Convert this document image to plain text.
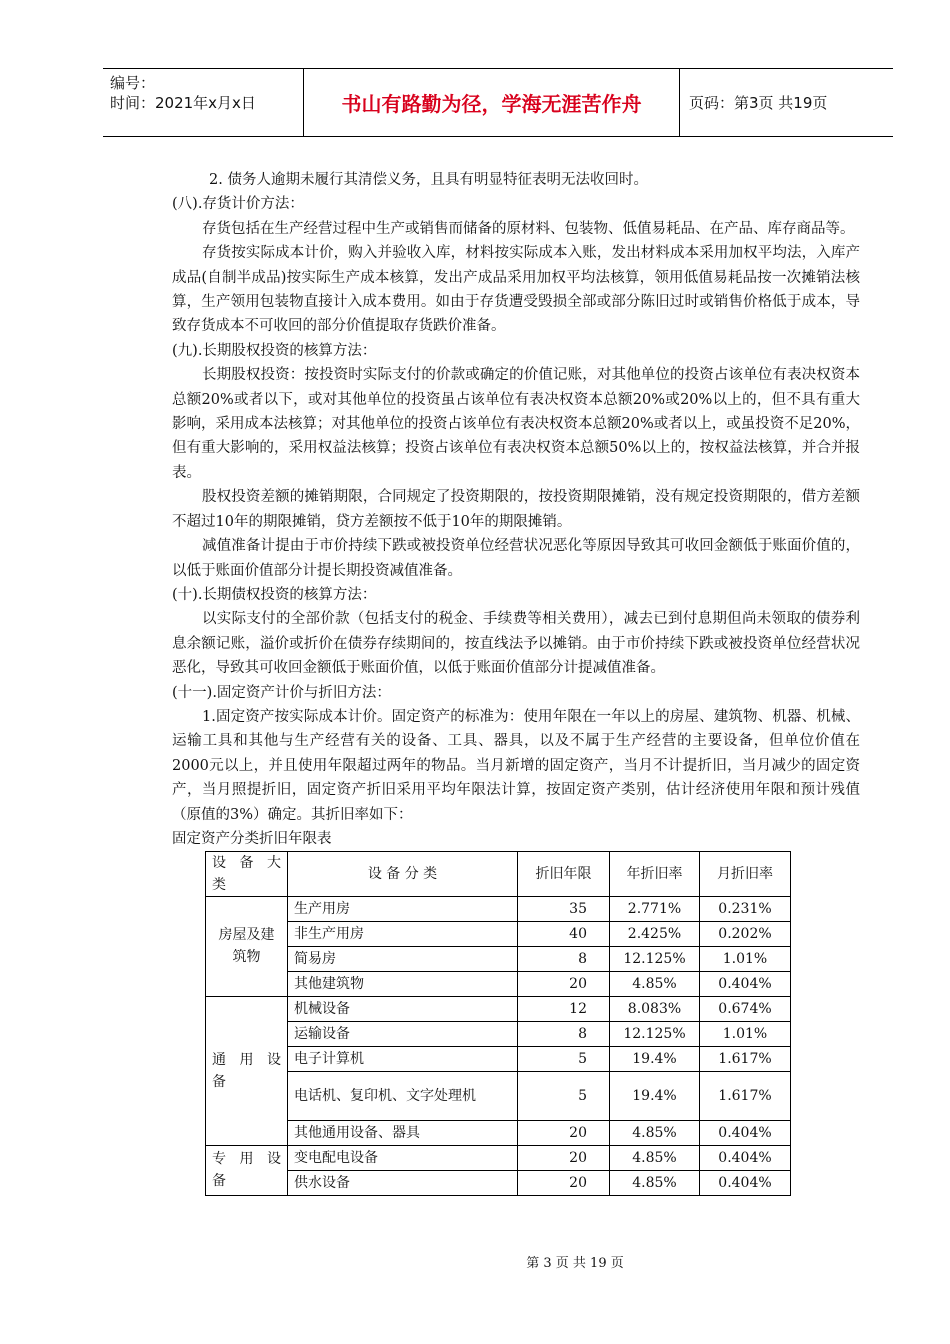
编号：
时间：2021年x月x日	书山有路勤为径，学海无涯苦作舟	页码：第3页 共19页

2. 债务人逾期未履行其清偿义务，且具有明显特征表明无法收回时。

(八).存货计价方法：

存货包括在生产经营过程中生产或销售而储备的原材料、包装物、低值易耗品、在产品、库存商品等。

存货按实际成本计价，购入并验收入库，材料按实际成本入账，发出材料成本采用加权平均法，入库产成品(自制半成品)按实际生产成本核算，发出产成品采用加权平均法核算，领用低值易耗品按一次摊销法核算，生产领用包装物直接计入成本费用。如由于存货遭受毁损全部或部分陈旧过时或销售价格低于成本，导致存货成本不可收回的部分价值提取存货跌价准备。

(九).长期股权投资的核算方法：

长期股权投资：按投资时实际支付的价款或确定的价值记账，对其他单位的投资占该单位有表决权资本总额20%或者以下，或对其他单位的投资虽占该单位有表决权资本总额20%或20%以上的，但不具有重大影响，采用成本法核算；对其他单位的投资占该单位有表决权资本总额20%或者以上，或虽投资不足20%，但有重大影响的，采用权益法核算；投资占该单位有表决权资本总额50%以上的，按权益法核算，并合并报表。

股权投资差额的摊销期限，合同规定了投资期限的，按投资期限摊销，没有规定投资期限的，借方差额不超过10年的期限摊销，贷方差额按不低于10年的期限摊销。

减值准备计提由于市价持续下跌或被投资单位经营状况恶化等原因导致其可收回金额低于账面价值的，以低于账面价值部分计提长期投资减值准备。

(十).长期债权投资的核算方法：

以实际支付的全部价款（包括支付的税金、手续费等相关费用），减去已到付息期但尚未领取的债券利息余额记账，溢价或折价在债券存续期间的，按直线法予以摊销。由于市价持续下跌或被投资单位经营状况恶化，导致其可收回金额低于账面价值，以低于账面价值部分计提减值准备。

(十一).固定资产计价与折旧方法：

1.固定资产按实际成本计价。固定资产的标准为：使用年限在一年以上的房屋、建筑物、机器、机械、运输工具和其他与生产经营有关的设备、工具、器具，以及不属于生产经营的主要设备，但单位价值在2000元以上，并且使用年限超过两年的物品。当月新增的固定资产，当月不计提折旧，当月减少的固定资产，当月照提折旧，固定资产折旧采用平均年限法计算，按固定资产类别，估计经济使用年限和预计残值（原值的3%）确定。其折旧率如下：

固定资产分类折旧年限表

设 备 大 类	设 备 分 类	折旧年限	年折旧率	月折旧率
房屋及建筑物	生产用房	35	2.771%	0.231%
	非生产用房	40	2.425%	0.202%
	简易房	8	12.125%	1.01%
	其他建筑物	20	4.85%	0.404%
通 用 设 备	机械设备	12	8.083%	0.674%
	运输设备	8	12.125%	1.01%
	电子计算机	5	19.4%	1.617%
	电话机、复印机、文字处理机	5	19.4%	1.617%
	其他通用设备、器具	20	4.85%	0.404%
专 用 设 备	变电配电设备	20	4.85%	0.404%
	供水设备	20	4.85%	0.404%
第 3 页 共 19 页
